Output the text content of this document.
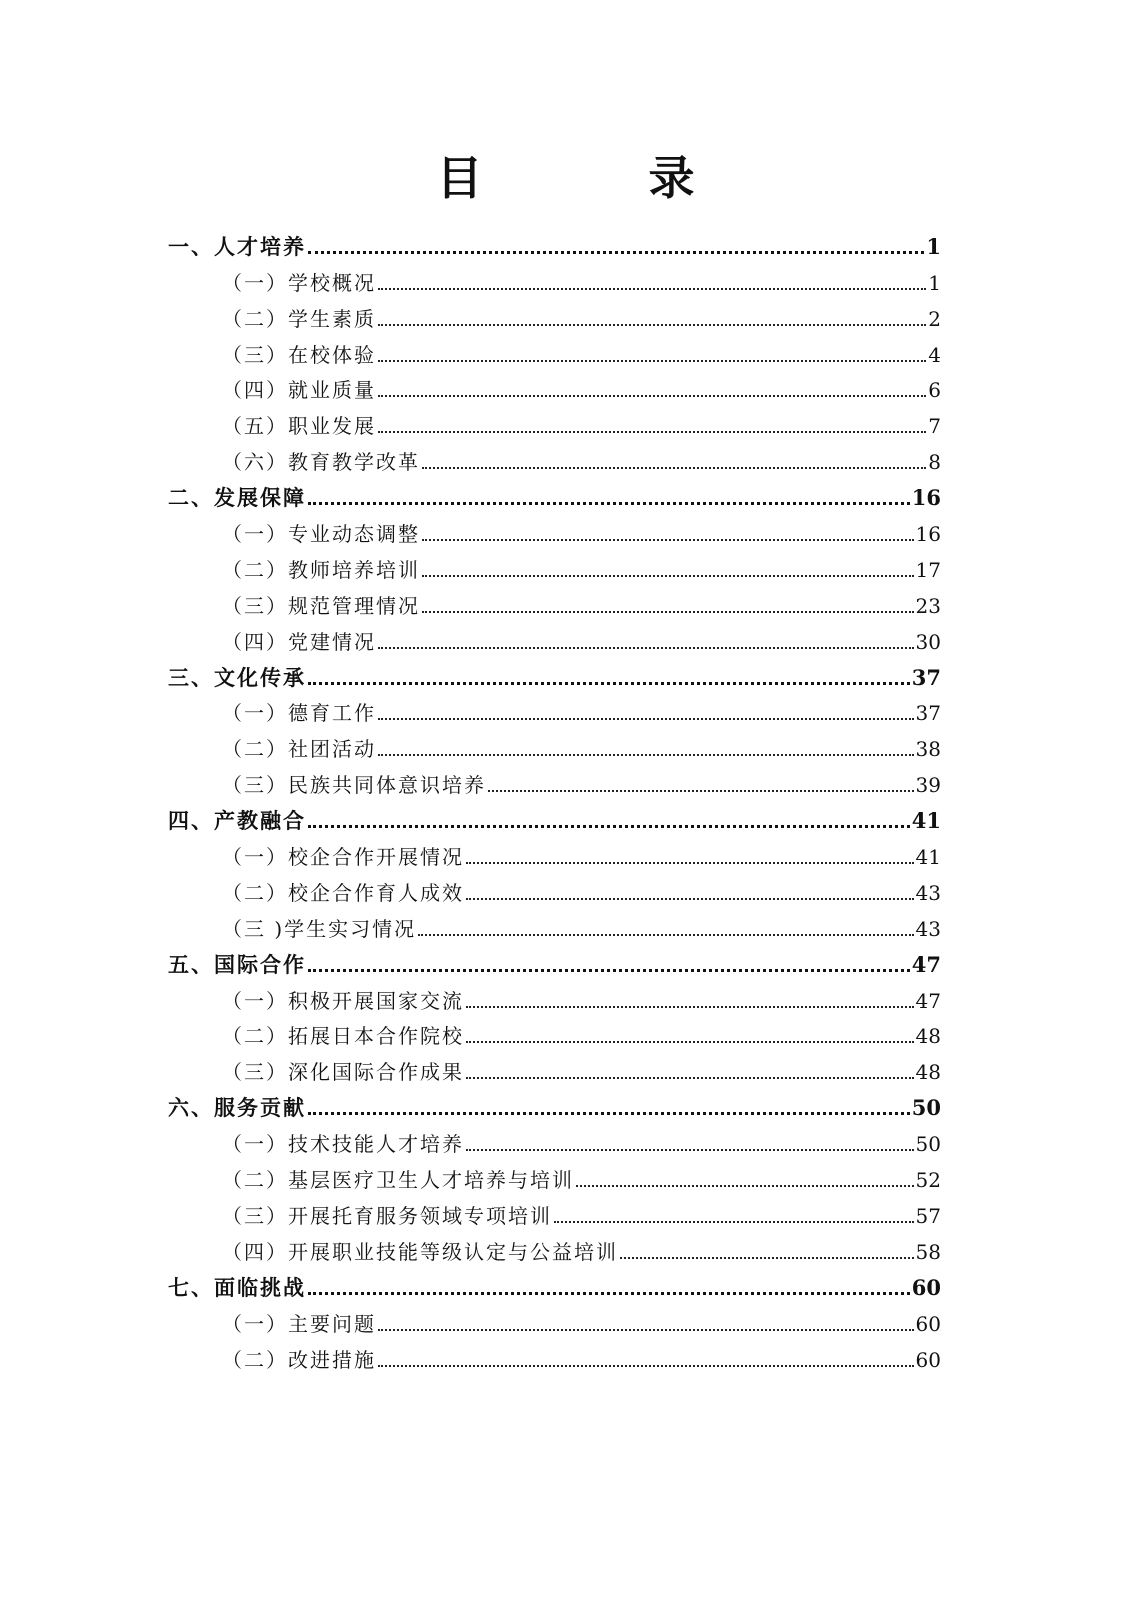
目　录
一、人才培养	1
（一）学校概况	1
（二）学生素质	2
（三）在校体验	4
（四）就业质量	6
（五）职业发展	7
（六）教育教学改革	8
二、发展保障	16
（一）专业动态调整	16
（二）教师培养培训	17
（三）规范管理情况	23
（四）党建情况	30
三、文化传承	37
（一）德育工作	37
（二）社团活动	38
（三）民族共同体意识培养	39
四、产教融合	41
（一）校企合作开展情况	41
（二）校企合作育人成效	43
（三 )学生实习情况	43
五、国际合作	47
（一）积极开展国家交流	47
（二）拓展日本合作院校	48
（三）深化国际合作成果	48
六、服务贡献	50
（一）技术技能人才培养	50
（二）基层医疗卫生人才培养与培训	52
（三）开展托育服务领域专项培训	57
（四）开展职业技能等级认定与公益培训	58
七、面临挑战	60
（一）主要问题	60
（二）改进措施	60
